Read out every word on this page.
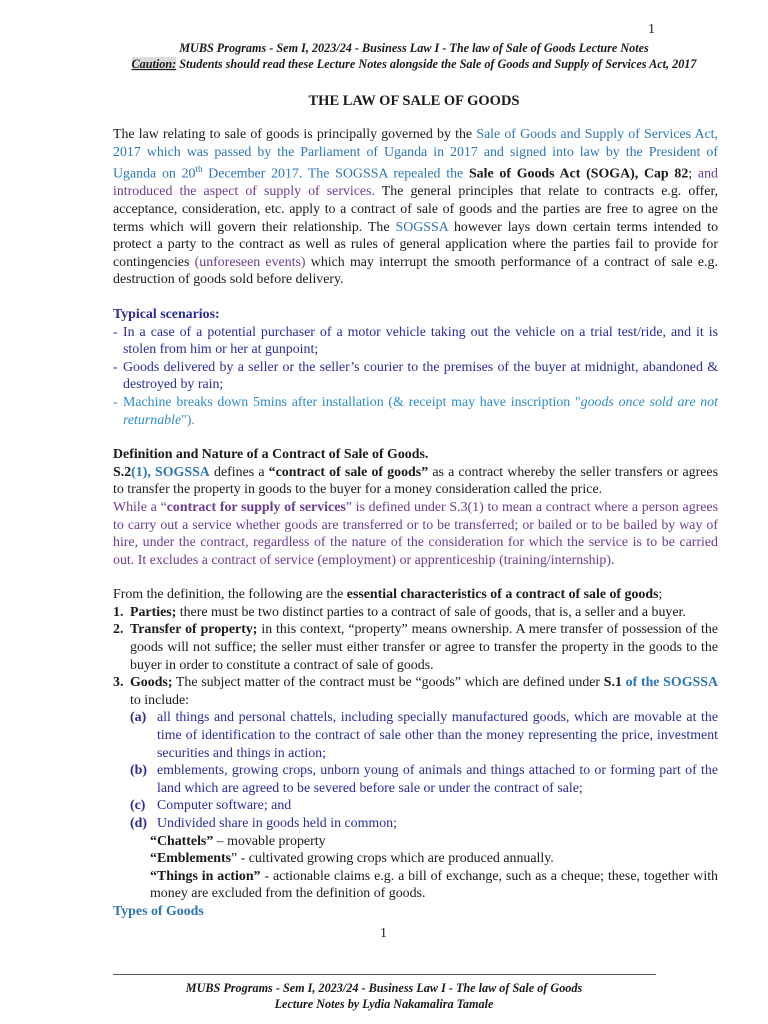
1
MUBS Programs - Sem I, 2023/24 - Business Law I - The law of Sale of Goods Lecture Notes
Caution: Students should read these Lecture Notes alongside the Sale of Goods and Supply of Services Act, 2017
THE LAW OF SALE OF GOODS

The law relating to sale of goods is principally governed by the Sale of Goods and Supply of Services Act, 2017 which was passed by the Parliament of Uganda in 2017 and signed into law by the President of Uganda on 20th December 2017. The SOGSSA repealed the Sale of Goods Act (SOGA), Cap 82; and introduced the aspect of supply of services. The general principles that relate to contracts e.g. offer, acceptance, consideration, etc. apply to a contract of sale of goods and the parties are free to agree on the terms which will govern their relationship. The SOGSSA however lays down certain terms intended to protect a party to the contract as well as rules of general application where the parties fail to provide for contingencies (unforeseen events) which may interrupt the smooth performance of a contract of sale e.g. destruction of goods sold before delivery.

Typical scenarios:
- In a case of a potential purchaser of a motor vehicle taking out the vehicle on a trial test/ride, and it is stolen from him or her at gunpoint;
- Goods delivered by a seller or the seller’s courier to the premises of the buyer at midnight, abandoned & destroyed by rain;
- Machine breaks down 5mins after installation (& receipt may have inscription "goods once sold are not returnable").
Definition and Nature of a Contract of Sale of Goods.

S.2(1), SOGSSA defines a “contract of sale of goods” as a contract whereby the seller transfers or agrees to transfer the property in goods to the buyer for a money consideration called the price.

While a “contract for supply of services” is defined under S.3(1) to mean a contract where a person agrees to carry out a service whether goods are transferred or to be transferred; or bailed or to be bailed by way of hire, under the contract, regardless of the nature of the consideration for which the service is to be carried out. It excludes a contract of service (employment) or apprenticeship (training/internship).

From the definition, the following are the essential characteristics of a contract of sale of goods;
1. Parties; there must be two distinct parties to a contract of sale of goods, that is, a seller and a buyer.
2. Transfer of property; in this context, “property” means ownership. A mere transfer of possession of the goods will not suffice; the seller must either transfer or agree to transfer the property in the goods to the buyer in order to constitute a contract of sale of goods.
3. Goods; The subject matter of the contract must be “goods” which are defined under S.1 of the SOGSSA to include:
(a) all things and personal chattels, including specially manufactured goods, which are movable at the time of identification to the contract of sale other than the money representing the price, investment securities and things in action;
(b) emblements, growing crops, unborn young of animals and things attached to or forming part of the land which are agreed to be severed before sale or under the contract of sale;
(c) Computer software; and
(d) Undivided share in goods held in common;
“Chattels” – movable property
“Emblements” - cultivated growing crops which are produced annually.
“Things in action” - actionable claims e.g. a bill of exchange, such as a cheque; these, together with money are excluded from the definition of goods.
Types of Goods
1
MUBS Programs - Sem I, 2023/24 - Business Law I - The law of Sale of Goods
Lecture Notes by Lydia Nakamalira Tamale
